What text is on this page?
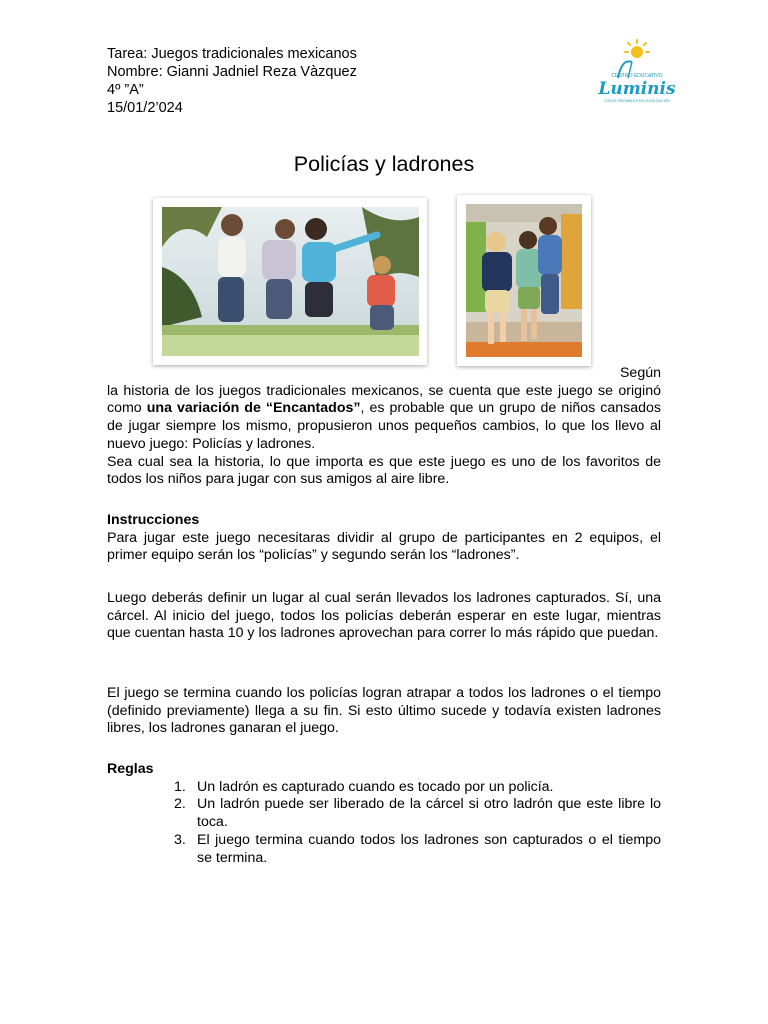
Tarea: Juegos tradicionales mexicanos
Nombre: Gianni Jadniel Reza Vàzquez
4º ”A”
15/01/2’024
CENTRO EDUCATIVO
Luminis
LOGOS ORIGINALES EN LA EDUCACIÓN
Policías y ladrones
Según

la historia de los juegos tradicionales mexicanos, se cuenta que este juego se originó como una variación de “Encantados”, es probable que un grupo de niños cansados de jugar siempre los mismo, propusieron unos pequeños cambios, lo que los llevo al nuevo juego: Policías y ladrones.

Sea cual sea la historia, lo que importa es que este juego es uno de los favoritos de todos los niños para jugar con sus amigos al aire libre.

Instrucciones

Para jugar este juego necesitaras dividir al grupo de participantes en 2 equipos, el primer equipo serán los “policías” y segundo serán los “ladrones”.

Luego deberás definir un lugar al cual serán llevados los ladrones capturados. Sí, una cárcel. Al inicio del juego, todos los policías deberán esperar en este lugar, mientras que cuentan hasta 10 y los ladrones aprovechan para correr lo más rápido que puedan.

El juego se termina cuando los policías logran atrapar a todos los ladrones o el tiempo (definido previamente) llega a su fin. Si esto último sucede y todavía existen ladrones libres, los ladrones ganaran el juego.

Reglas
1. Un ladrón es capturado cuando es tocado por un policía.
2. Un ladrón puede ser liberado de la cárcel si otro ladrón que este libre lo toca.
3. El juego termina cuando todos los ladrones son capturados o el tiempo se termina.
